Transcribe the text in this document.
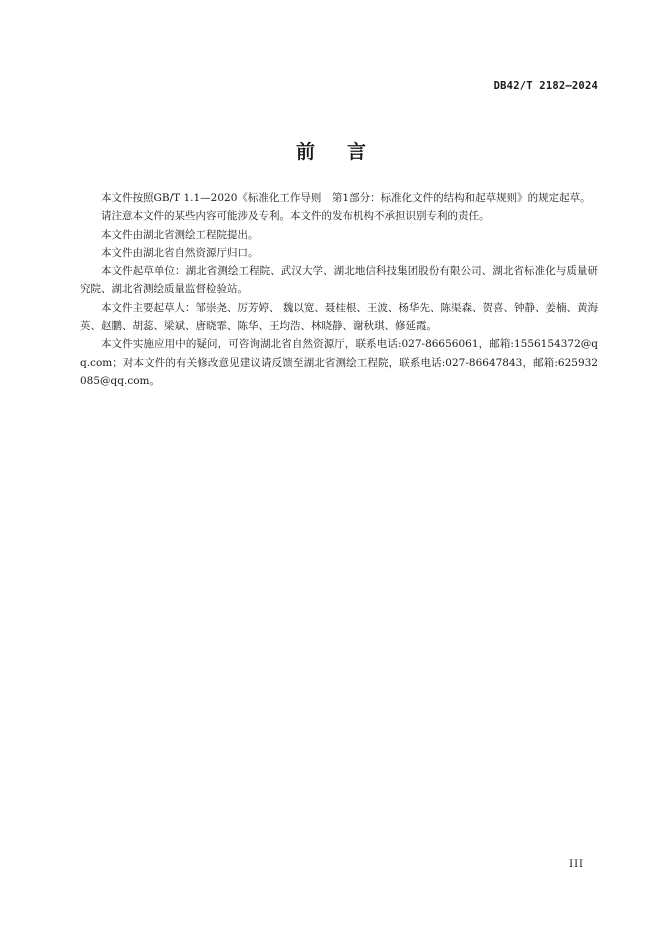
DB42/T 2182—2024
前 言

本文件按照GB/T 1.1—2020《标准化工作导则　第1部分：标准化文件的结构和起草规则》的规定起草。

请注意本文件的某些内容可能涉及专利。本文件的发布机构不承担识别专利的责任。

本文件由湖北省测绘工程院提出。

本文件由湖北省自然资源厅归口。

本文件起草单位：湖北省测绘工程院、武汉大学、湖北地信科技集团股份有限公司、湖北省标准化与质量研究院、湖北省测绘质量监督检验站。

本文件主要起草人：邹崇尧、厉芳婷、 魏以宽、聂桂根、王波、杨华先、陈渠森、贺喜、钟静、姜楠、黄海英、赵鹏、胡蕊、梁斌、唐晓霏、陈华、王均浩、林晓静、谢秋琪、修延霞。

本文件实施应用中的疑问，可咨询湖北省自然资源厅，联系电话:027-86656061，邮箱:1556154372@qq.com；对本文件的有关修改意见建议请反馈至湖北省测绘工程院，联系电话:027-86647843，邮箱:625932085@qq.com。

III
